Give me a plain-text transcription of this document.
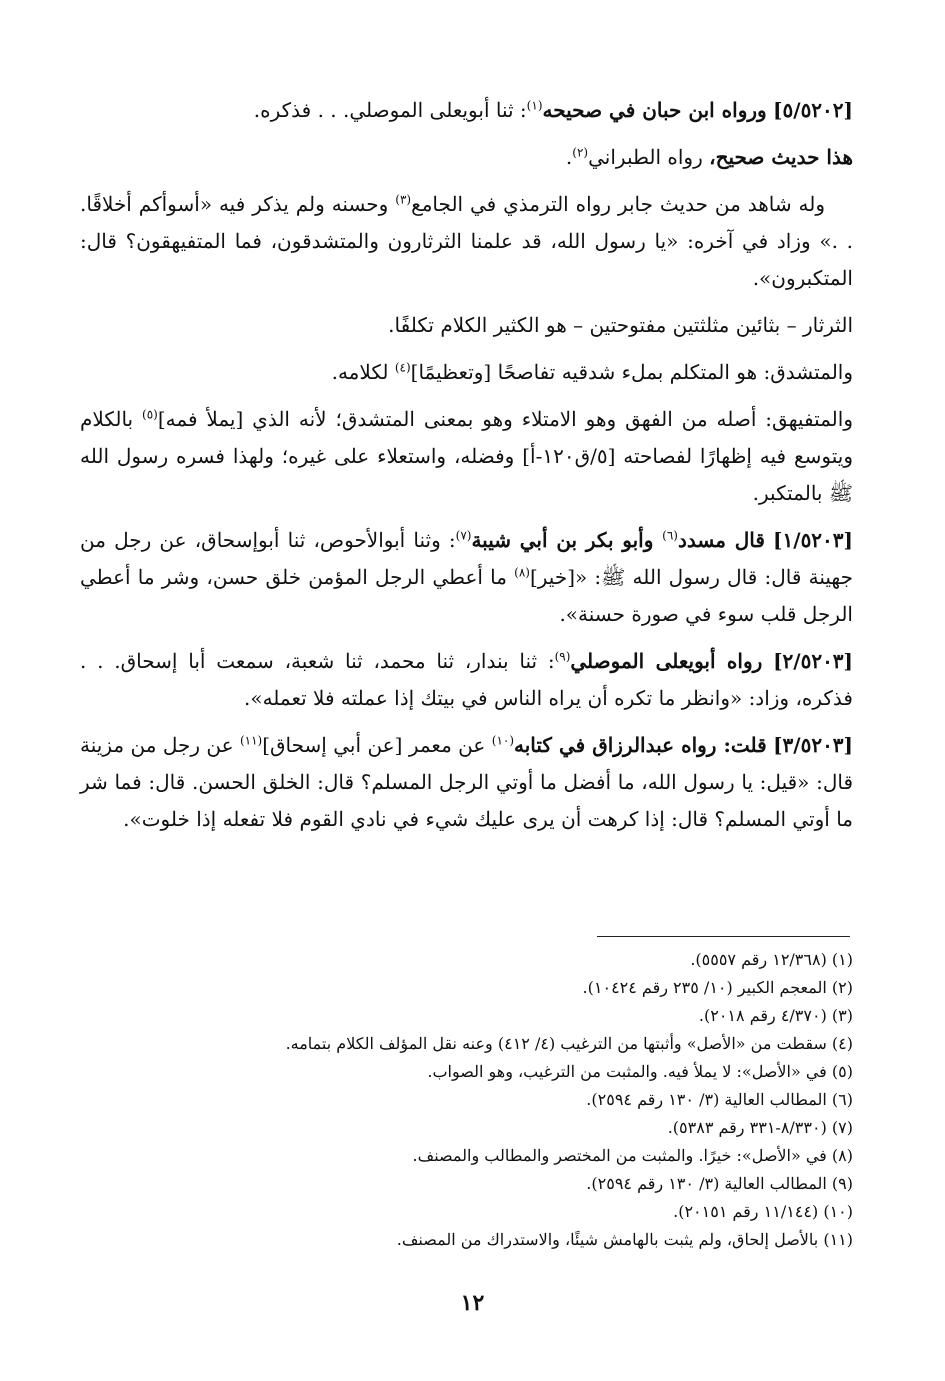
[٥/٥٢٠٢] ورواه ابن حبان في صحيحه$^{(١)}$: ثنا أبويعلى الموصلي. . . فذكره.

هذا حديث صحيح، رواه الطبراني$^{(٢)}$.

وله شاهد من حديث جابر رواه الترمذي في الجامع$^{(٣)}$ وحسنه ولم يذكر فيه «أسوأكم أخلاقًا. . .» وزاد في آخره: «يا رسول الله، قد علمنا الثرثارون والمتشدقون، فما المتفيهقون؟ قال: المتكبرون».

الثرثار – بثائين مثلثتين مفتوحتين – هو الكثير الكلام تكلفًا.

والمتشدق: هو المتكلم بملء شدقيه تفاصحًا [وتعظيمًا]$^{(٤)}$ لكلامه.

والمتفيهق: أصله من الفهق وهو الامتلاء وهو بمعنى المتشدق؛ لأنه الذي [يملأ فمه]$^{(٥)}$ بالكلام ويتوسع فيه إظهارًا لفصاحته [٥/ق١٢٠-أ] وفضله، واستعلاء على غيره؛ ولهذا فسره رسول الله ﷺ بالمتكبر.

[١/٥٢٠٣] قال مسدد$^{(٦)}$ وأبو بكر بن أبي شيبة$^{(٧)}$: وثنا أبوالأحوص، ثنا أبوإسحاق، عن رجل من جهينة قال: قال رسول الله ﷺ: «[خير]$^{(٨)}$ ما أعطي الرجل المؤمن خلق حسن، وشر ما أعطي الرجل قلب سوء في صورة حسنة».

[٢/٥٢٠٣] رواه أبويعلى الموصلي$^{(٩)}$: ثنا بندار، ثنا محمد، ثنا شعبة، سمعت أبا إسحاق. . . فذكره، وزاد: «وانظر ما تكره أن يراه الناس في بيتك إذا عملته فلا تعمله».

[٣/٥٢٠٣] قلت: رواه عبدالرزاق في كتابه$^{(١٠)}$ عن معمر [عن أبي إسحاق]$^{(١١)}$ عن رجل من مزينة قال: «قيل: يا رسول الله، ما أفضل ما أوتي الرجل المسلم؟ قال: الخلق الحسن. قال: فما شر ما أوتي المسلم؟ قال: إذا كرهت أن يرى عليك شيء في نادي القوم فلا تفعله إذا خلوت».

(١) (١٢/٣٦٨ رقم ٥٥٥٧).

(٢) المعجم الكبير (١٠/ ٢٣٥ رقم ١٠٤٢٤).

(٣) (٤/٣٧٠ رقم ٢٠١٨).

(٤) سقطت من «الأصل» وأثبتها من الترغيب (٤/ ٤١٢) وعنه نقل المؤلف الكلام بتمامه.

(٥) في «الأصل»: لا يملأ فيه. والمثبت من الترغيب، وهو الصواب.

(٦) المطالب العالية (٣/ ١٣٠ رقم ٢٥٩٤).

(٧) (٨/٣٣٠-٣٣١ رقم ٥٣٨٣).

(٨) في «الأصل»: خيرًا. والمثبت من المختصر والمطالب والمصنف.

(٩) المطالب العالية (٣/ ١٣٠ رقم ٢٥٩٤).

(١٠) (١١/١٤٤ رقم ٢٠١٥١).

(١١) بالأصل إلحاق، ولم يثبت بالهامش شيئًا، والاستدراك من المصنف.

١٢
